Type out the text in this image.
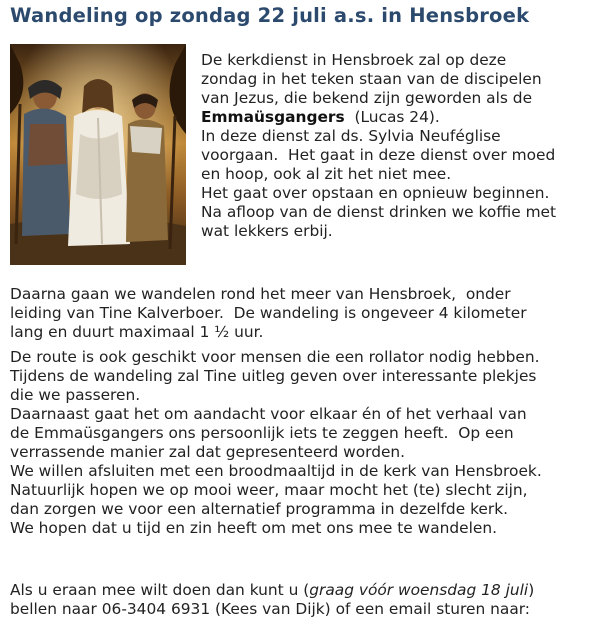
Wandeling op zondag 22 juli a.s. in Hensbroek

De kerkdienst in Hensbroek zal op deze
zondag in het teken staan van de discipelen
van Jezus, die bekend zijn geworden als de
Emmaüsgangers  (Lucas 24).
In deze dienst zal ds. Sylvia Neuféglise
voorgaan.  Het gaat in deze dienst over moed
en hoop, ook al zit het niet mee.
Het gaat over opstaan en opnieuw beginnen.
Na afloop van de dienst drinken we koffie met
wat lekkers erbij.

Daarna gaan we wandelen rond het meer van Hensbroek,  onder
leiding van Tine Kalverboer.  De wandeling is ongeveer 4 kilometer
lang en duurt maximaal 1 ½ uur.

De route is ook geschikt voor mensen die een rollator nodig hebben.
Tijdens de wandeling zal Tine uitleg geven over interessante plekjes
die we passeren.
Daarnaast gaat het om aandacht voor elkaar én of het verhaal van
de Emmaüsgangers ons persoonlijk iets te zeggen heeft.  Op een
verrassende manier zal dat gepresenteerd worden.
We willen afsluiten met een broodmaaltijd in de kerk van Hensbroek.
Natuurlijk hopen we op mooi weer, maar mocht het (te) slecht zijn,
dan zorgen we voor een alternatief programma in dezelfde kerk.
We hopen dat u tijd en zin heeft om met ons mee te wandelen.

Als u eraan mee wilt doen dan kunt u (graag vóór woensdag 18 juli)
bellen naar 06-3404 6931 (Kees van Dijk) of een email sturen naar:
